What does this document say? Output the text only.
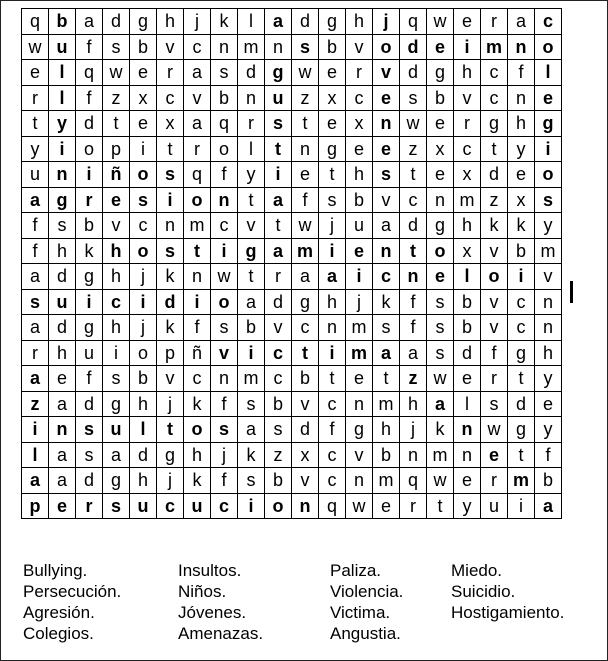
q	b	a	d	g	h	j	k	l	a	d	g	h	j	q	w	e	r	a	c
w	u	f	s	b	v	c	n	m	n	s	b	v	o	d	e	i	m	n	o
e	l	q	w	e	r	a	s	d	g	w	e	r	v	d	g	h	c	f	l
r	l	f	z	x	c	v	b	n	u	z	x	c	e	s	b	v	c	n	e
t	y	d	t	e	x	a	q	r	s	t	e	x	n	w	e	r	g	h	g
y	i	o	p	i	t	r	o	l	t	n	g	e	e	z	x	c	t	y	i
u	n	i	ñ	o	s	q	f	y	i	e	t	h	s	t	e	x	d	e	o
a	g	r	e	s	i	o	n	t	a	f	s	b	v	c	n	m	z	x	s
f	s	b	v	c	n	m	c	v	t	w	j	u	a	d	g	h	k	k	y
f	h	k	h	o	s	t	i	g	a	m	i	e	n	t	o	x	v	b	m
a	d	g	h	j	k	n	w	t	r	a	a	i	c	n	e	l	o	i	v
s	u	i	c	i	d	i	o	a	d	g	h	j	k	f	s	b	v	c	n
a	d	g	h	j	k	f	s	b	v	c	n	m	s	f	s	b	v	c	n
r	h	u	i	o	p	ñ	v	i	c	t	i	m	a	a	s	d	f	g	h
a	e	f	s	b	v	c	n	m	c	b	t	e	t	z	w	e	r	t	y
z	a	d	g	h	j	k	f	s	b	v	c	n	m	h	a	l	s	d	e
i	n	s	u	l	t	o	s	a	s	d	f	g	h	j	k	n	w	g	y
l	a	s	a	d	g	h	j	k	z	x	c	v	b	n	m	n	e	t	f
a	a	d	g	h	j	k	f	s	b	v	c	n	m	q	w	e	r	m	b
p	e	r	s	u	c	u	c	i	o	n	q	w	e	r	t	y	u	i	a
Bullying.
Persecución.
Agresión.
Colegios.
Insultos.
Niños.
Jóvenes.
Amenazas.
Paliza.
Violencia.
Victima.
Angustia.
Miedo.
Suicidio.
Hostigamiento.
